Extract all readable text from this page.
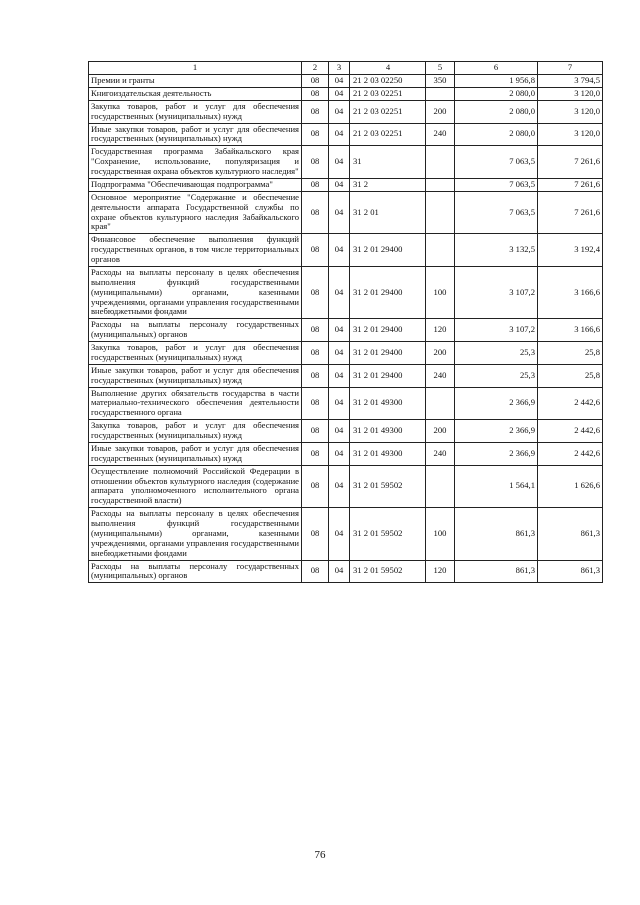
1	2	3	4	5	6	7
Премии и гранты	08	04	21 2 03 02250	350	1 956,8	3 794,5
Книгоиздательская деятельность	08	04	21 2 03 02251		2 080,0	3 120,0
Закупка товаров, работ и услуг для обеспечения государственных (муниципальных) нужд	08	04	21 2 03 02251	200	2 080,0	3 120,0
Иные закупки товаров, работ и услуг для обеспечения государственных (муниципальных) нужд	08	04	21 2 03 02251	240	2 080,0	3 120,0
Государственная программа Забайкальского края "Сохранение, использование, популяризация и государственная охрана объектов культурного наследия"	08	04	31		7 063,5	7 261,6
Подпрограмма "Обеспечивающая подпрограмма"	08	04	31 2		7 063,5	7 261,6
Основное мероприятие "Содержание и обеспечение деятельности аппарата Государственной службы по охране объектов культурного наследия Забайкальского края"	08	04	31 2 01		7 063,5	7 261,6
Финансовое обеспечение выполнения функций государственных органов, в том числе территориальных органов	08	04	31 2 01 29400		3 132,5	3 192,4
Расходы на выплаты персоналу в целях обеспечения выполнения функций государственными (муниципальными) органами, казенными учреждениями, органами управления государственными внебюджетными фондами	08	04	31 2 01 29400	100	3 107,2	3 166,6
Расходы на выплаты персоналу государственных (муниципальных) органов	08	04	31 2 01 29400	120	3 107,2	3 166,6
Закупка товаров, работ и услуг для обеспечения государственных (муниципальных) нужд	08	04	31 2 01 29400	200	25,3	25,8
Иные закупки товаров, работ и услуг для обеспечения государственных (муниципальных) нужд	08	04	31 2 01 29400	240	25,3	25,8
Выполнение других обязательств государства в части материально-технического обеспечения деятельности государственного органа	08	04	31 2 01 49300		2 366,9	2 442,6
Закупка товаров, работ и услуг для обеспечения государственных (муниципальных) нужд	08	04	31 2 01 49300	200	2 366,9	2 442,6
Иные закупки товаров, работ и услуг для обеспечения государственных (муниципальных) нужд	08	04	31 2 01 49300	240	2 366,9	2 442,6
Осуществление полномочий Российской Федерации в отношении объектов культурного наследия (содержание аппарата уполномоченного исполнительного органа государственной власти)	08	04	31 2 01 59502		1 564,1	1 626,6
Расходы на выплаты персоналу в целях обеспечения выполнения функций государственными (муниципальными) органами, казенными учреждениями, органами управления государственными внебюджетными фондами	08	04	31 2 01 59502	100	861,3	861,3
Расходы на выплаты персоналу государственных (муниципальных) органов	08	04	31 2 01 59502	120	861,3	861,3
76
